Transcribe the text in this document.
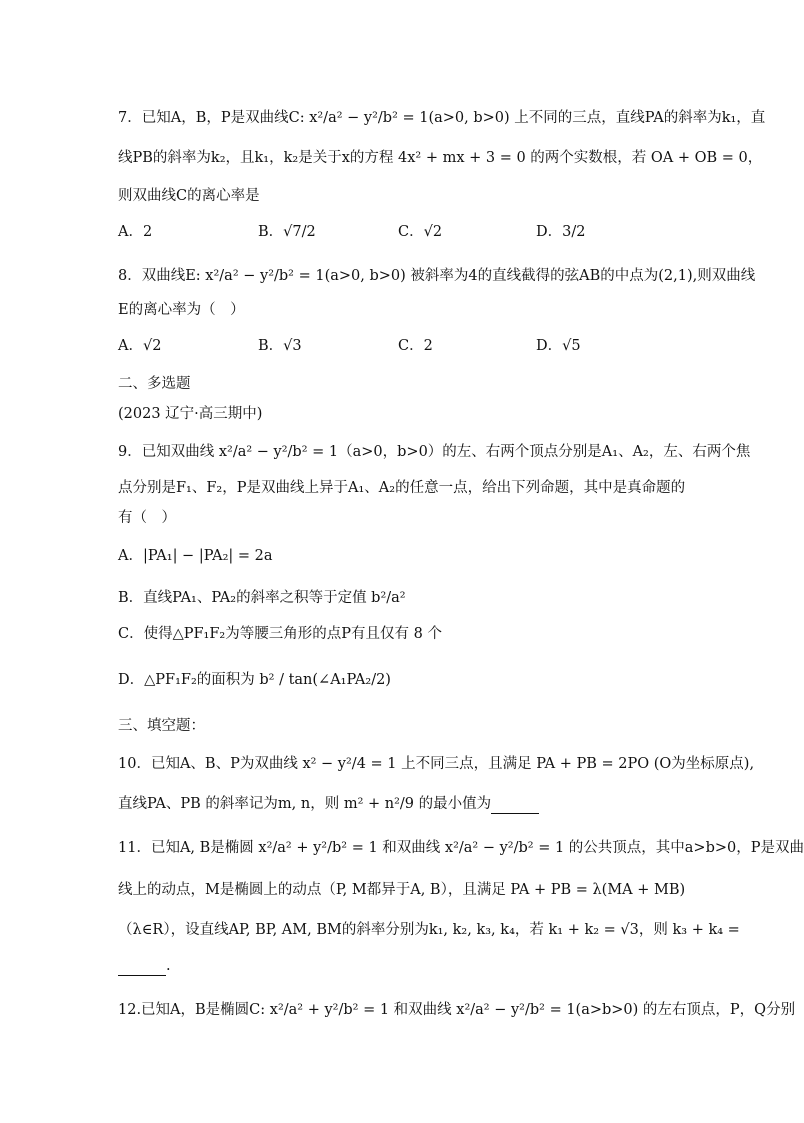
7．已知A，B，P是双曲线C: x²/a² − y²/b² = 1(a>0, b>0) 上不同的三点，直线PA的斜率为k₁，直
线PB的斜率为k₂，且k₁，k₂是关于x的方程 4x² + mx + 3 = 0 的两个实数根，若 OA + OB = 0，
则双曲线C的离心率是
A．2	B．√7/2	C．√2	D．3/2
8．双曲线E: x²/a² − y²/b² = 1(a>0, b>0) 被斜率为4的直线截得的弦AB的中点为(2,1),则双曲线
E的离心率为（　）
A．√2	B．√3	C．2	D．√5
二、多选题
(2023 辽宁·高三期中)
9．已知双曲线 x²/a² − y²/b² = 1（a>0，b>0）的左、右两个顶点分别是A₁、A₂，左、右两个焦
点分别是F₁、F₂，P是双曲线上异于A₁、A₂的任意一点，给出下列命题，其中是真命题的
有（　）
A．|PA₁| − |PA₂| = 2a
B．直线PA₁、PA₂的斜率之积等于定值 b²/a²
C．使得△PF₁F₂为等腰三角形的点P有且仅有 8 个
D．△PF₁F₂的面积为 b² / tan(∠A₁PA₂/2)
三、填空题：
10．已知A、B、P为双曲线 x² − y²/4 = 1 上不同三点，且满足 PA + PB = 2PO (O为坐标原点),
直线PA、PB 的斜率记为m, n，则 m² + n²/9 的最小值为
11．已知A, B是椭圆 x²/a² + y²/b² = 1 和双曲线 x²/a² − y²/b² = 1 的公共顶点，其中a>b>0，P是双曲
线上的动点，M是椭圆上的动点（P, M都异于A, B），且满足 PA + PB = λ(MA + MB)
（λ∈R），设直线AP, BP, AM, BM的斜率分别为k₁, k₂, k₃, k₄，若 k₁ + k₂ = √3，则 k₃ + k₄ =
.
12.已知A，B是椭圆C: x²/a² + y²/b² = 1 和双曲线 x²/a² − y²/b² = 1(a>b>0) 的左右顶点，P，Q分别
